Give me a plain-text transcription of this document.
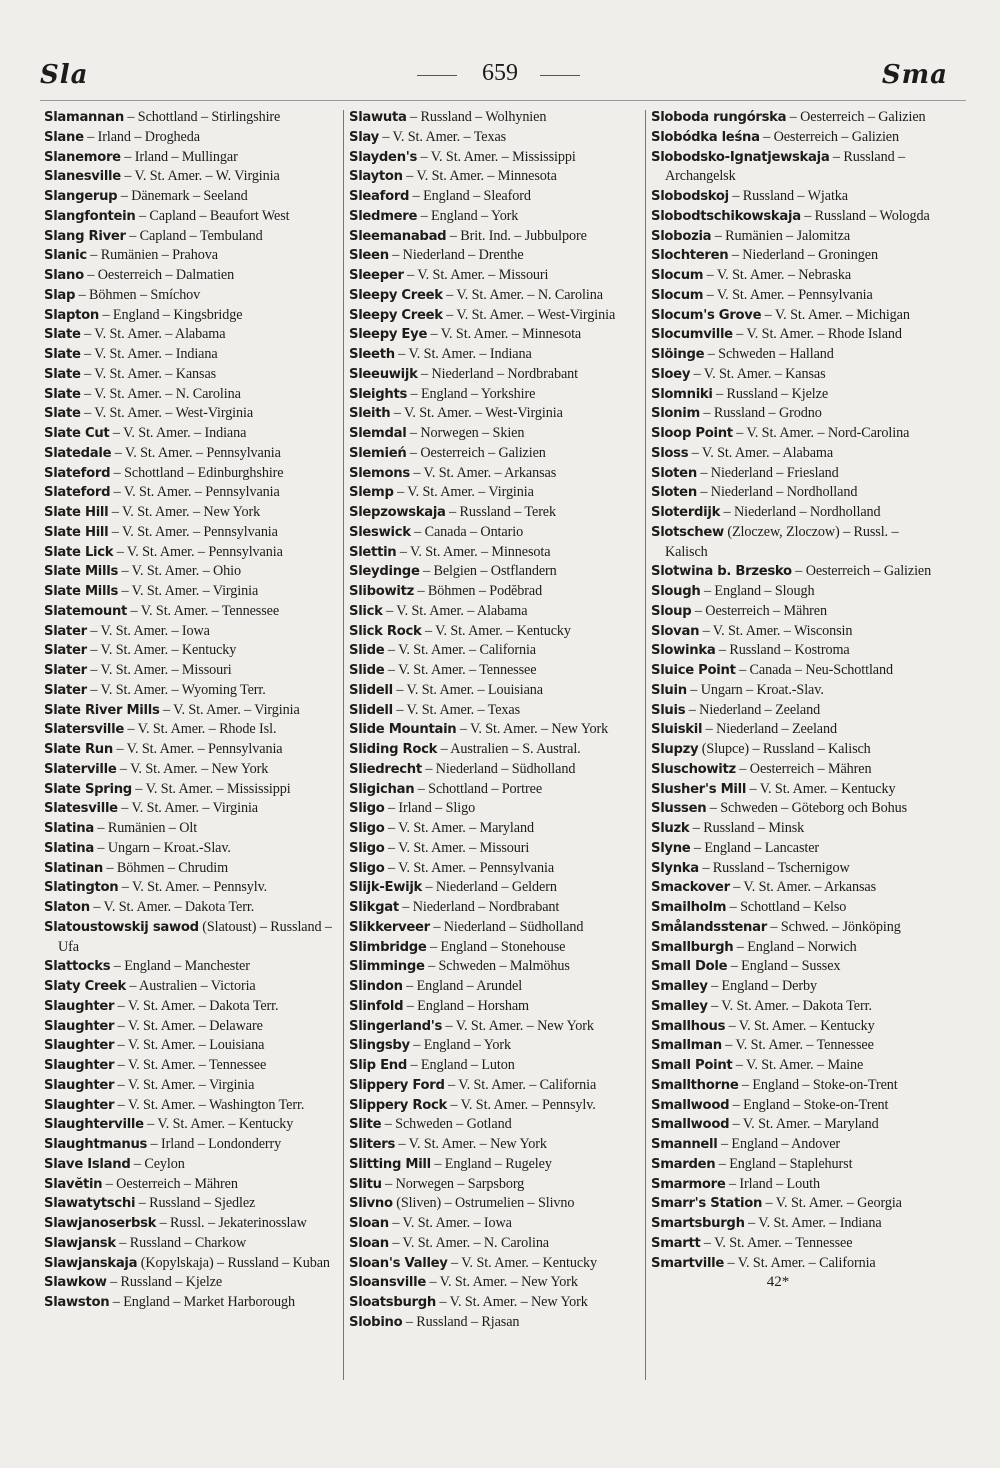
Sla	659	Sma
Slamannan – Schottland – Stirlingshire
Slane – Irland – Drogheda
Slanemore – Irland – Mullingar
Slanesville – V. St. Amer. – W. Virginia
Slangerup – Dänemark – Seeland
Slangfontein – Capland – Beaufort West
Slang River – Capland – Tembuland
Slanic – Rumänien – Prahova
Slano – Oesterreich – Dalmatien
Slap – Böhmen – Smíchov
Slapton – England – Kingsbridge
Slate – V. St. Amer. – Alabama
Slate – V. St. Amer. – Indiana
Slate – V. St. Amer. – Kansas
Slate – V. St. Amer. – N. Carolina
Slate – V. St. Amer. – West-Virginia
Slate Cut – V. St. Amer. – Indiana
Slatedale – V. St. Amer. – Pennsylvania
Slateford – Schottland – Edinburghshire
Slateford – V. St. Amer. – Pennsylvania
Slate Hill – V. St. Amer. – New York
Slate Hill – V. St. Amer. – Pennsylvania
Slate Lick – V. St. Amer. – Pennsylvania
Slate Mills – V. St. Amer. – Ohio
Slate Mills – V. St. Amer. – Virginia
Slatemount – V. St. Amer. – Tennessee
Slater – V. St. Amer. – Iowa
Slater – V. St. Amer. – Kentucky
Slater – V. St. Amer. – Missouri
Slater – V. St. Amer. – Wyoming Terr.
Slate River Mills – V. St. Amer. – Virginia
Slatersville – V. St. Amer. – Rhode Isl.
Slate Run – V. St. Amer. – Pennsylvania
Slaterville – V. St. Amer. – New York
Slate Spring – V. St. Amer. – Mississippi
Slatesville – V. St. Amer. – Virginia
Slatina – Rumänien – Olt
Slatina – Ungarn – Kroat.-Slav.
Slatinan – Böhmen – Chrudim
Slatington – V. St. Amer. – Pennsylv.
Slaton – V. St. Amer. – Dakota Terr.
Slatoustowskij sawod (Slatoust) – Russland – Ufa
Slattocks – England – Manchester
Slaty Creek – Australien – Victoria
Slaughter – V. St. Amer. – Dakota Terr.
Slaughter – V. St. Amer. – Delaware
Slaughter – V. St. Amer. – Louisiana
Slaughter – V. St. Amer. – Tennessee
Slaughter – V. St. Amer. – Virginia
Slaughter – V. St. Amer. – Washington Terr.
Slaughterville – V. St. Amer. – Kentucky
Slaughtmanus – Irland – Londonderry
Slave Island – Ceylon
Slavĕtin – Oesterreich – Mähren
Slawatytschi – Russland – Sjedlez
Slawjanoserbsk – Russl. – Jekaterinosslaw
Slawjansk – Russland – Charkow
Slawjanskaja (Kopylskaja) – Russland – Kuban
Slawkow – Russland – Kjelze
Slawston – England – Market Harborough
Slawuta – Russland – Wolhynien
Slay – V. St. Amer. – Texas
Slayden's – V. St. Amer. – Mississippi
Slayton – V. St. Amer. – Minnesota
Sleaford – England – Sleaford
Sledmere – England – York
Sleemanabad – Brit. Ind. – Jubbulpore
Sleen – Niederland – Drenthe
Sleeper – V. St. Amer. – Missouri
Sleepy Creek – V. St. Amer. – N. Carolina
Sleepy Creek – V. St. Amer. – West-Virginia
Sleepy Eye – V. St. Amer. – Minnesota
Sleeth – V. St. Amer. – Indiana
Sleeuwijk – Niederland – Nordbrabant
Sleights – England – Yorkshire
Sleith – V. St. Amer. – West-Virginia
Slemdal – Norwegen – Skien
Slemień – Oesterreich – Galizien
Slemons – V. St. Amer. – Arkansas
Slemp – V. St. Amer. – Virginia
Slepzowskaja – Russland – Terek
Sleswick – Canada – Ontario
Slettin – V. St. Amer. – Minnesota
Sleydinge – Belgien – Ostflandern
Slibowitz – Böhmen – Podĕbrad
Slick – V. St. Amer. – Alabama
Slick Rock – V. St. Amer. – Kentucky
Slide – V. St. Amer. – California
Slide – V. St. Amer. – Tennessee
Slidell – V. St. Amer. – Louisiana
Slidell – V. St. Amer. – Texas
Slide Mountain – V. St. Amer. – New York
Sliding Rock – Australien – S. Austral.
Sliedrecht – Niederland – Südholland
Sligichan – Schottland – Portree
Sligo – Irland – Sligo
Sligo – V. St. Amer. – Maryland
Sligo – V. St. Amer. – Missouri
Sligo – V. St. Amer. – Pennsylvania
Slijk-Ewijk – Niederland – Geldern
Slikgat – Niederland – Nordbrabant
Slikkerveer – Niederland – Südholland
Slimbridge – England – Stonehouse
Slimminge – Schweden – Malmöhus
Slindon – England – Arundel
Slinfold – England – Horsham
Slingerland's – V. St. Amer. – New York
Slingsby – England – York
Slip End – England – Luton
Slippery Ford – V. St. Amer. – California
Slippery Rock – V. St. Amer. – Pennsylv.
Slite – Schweden – Gotland
Sliters – V. St. Amer. – New York
Slitting Mill – England – Rugeley
Slitu – Norwegen – Sarpsborg
Slivno (Sliven) – Ostrumelien – Slivno
Sloan – V. St. Amer. – Iowa
Sloan – V. St. Amer. – N. Carolina
Sloan's Valley – V. St. Amer. – Kentucky
Sloansville – V. St. Amer. – New York
Sloatsburgh – V. St. Amer. – New York
Slobino – Russland – Rjasan
Sloboda rungórska – Oesterreich – Galizien
Slobódka leśna – Oesterreich – Galizien
Slobodsko-Ignatjewskaja – Russland – Archangelsk
Slobodskoj – Russland – Wjatka
Slobodtschikowskaja – Russland – Wologda
Slobozia – Rumänien – Jalomitza
Slochteren – Niederland – Groningen
Slocum – V. St. Amer. – Nebraska
Slocum – V. St. Amer. – Pennsylvania
Slocum's Grove – V. St. Amer. – Michigan
Slocumville – V. St. Amer. – Rhode Island
Slöinge – Schweden – Halland
Sloey – V. St. Amer. – Kansas
Slomniki – Russland – Kjelze
Slonim – Russland – Grodno
Sloop Point – V. St. Amer. – Nord-Carolina
Sloss – V. St. Amer. – Alabama
Sloten – Niederland – Friesland
Sloten – Niederland – Nordholland
Sloterdijk – Niederland – Nordholland
Slotschew (Zloczew, Zloczow) – Russl. – Kalisch
Slotwina b. Brzesko – Oesterreich – Galizien
Slough – England – Slough
Sloup – Oesterreich – Mähren
Slovan – V. St. Amer. – Wisconsin
Slowinka – Russland – Kostroma
Sluice Point – Canada – Neu-Schottland
Sluin – Ungarn – Kroat.-Slav.
Sluis – Niederland – Zeeland
Sluiskil – Niederland – Zeeland
Slupzy (Slupce) – Russland – Kalisch
Sluschowitz – Oesterreich – Mähren
Slusher's Mill – V. St. Amer. – Kentucky
Slussen – Schweden – Göteborg och Bohus
Sluzk – Russland – Minsk
Slyne – England – Lancaster
Slynka – Russland – Tschernigow
Smackover – V. St. Amer. – Arkansas
Smailholm – Schottland – Kelso
Smålandsstenar – Schwed. – Jönköping
Smallburgh – England – Norwich
Small Dole – England – Sussex
Smalley – England – Derby
Smalley – V. St. Amer. – Dakota Terr.
Smallhous – V. St. Amer. – Kentucky
Smallman – V. St. Amer. – Tennessee
Small Point – V. St. Amer. – Maine
Smallthorne – England – Stoke-on-Trent
Smallwood – England – Stoke-on-Trent
Smallwood – V. St. Amer. – Maryland
Smannell – England – Andover
Smarden – England – Staplehurst
Smarmore – Irland – Louth
Smarr's Station – V. St. Amer. – Georgia
Smartsburgh – V. St. Amer. – Indiana
Smartt – V. St. Amer. – Tennessee
Smartville – V. St. Amer. – California
42*
